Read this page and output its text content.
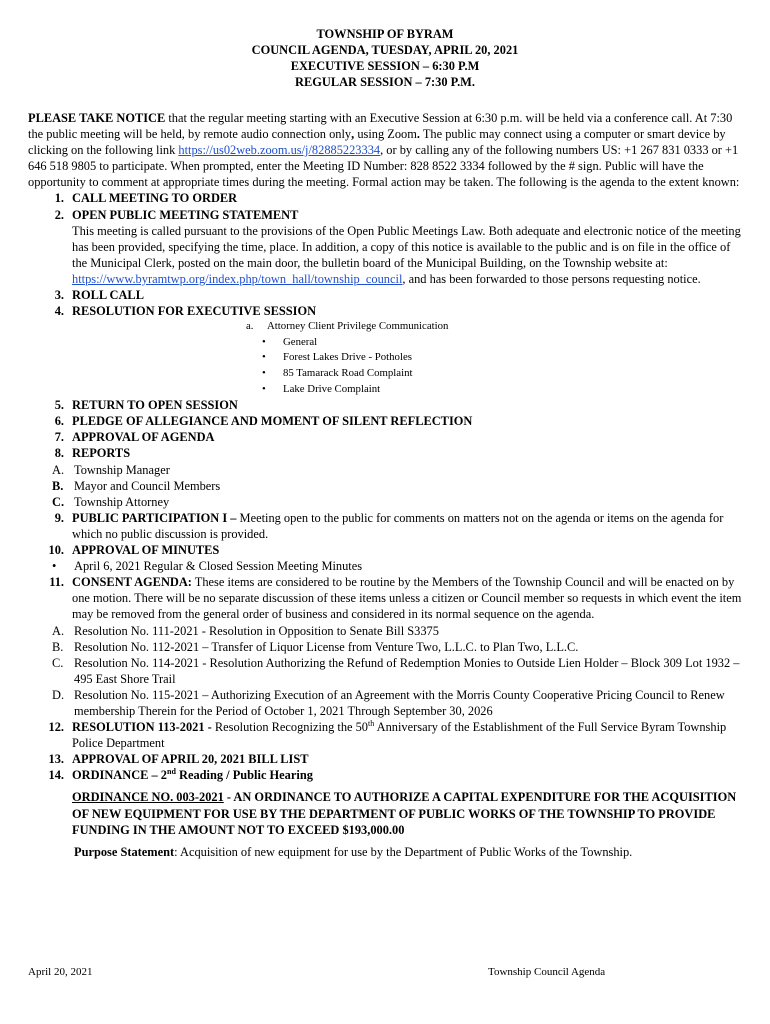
TOWNSHIP OF BYRAM
COUNCIL AGENDA, TUESDAY, APRIL 20, 2021
EXECUTIVE SESSION – 6:30 P.M
REGULAR SESSION – 7:30 P.M.
PLEASE TAKE NOTICE that the regular meeting starting with an Executive Session at 6:30 p.m. will be held via a conference call. At 7:30 the public meeting will be held, by remote audio connection only, using Zoom. The public may connect using a computer or smart device by clicking on the following link https://us02web.zoom.us/j/82885223334, or by calling any of the following numbers US: +1 267 831 0333 or +1 646 518 9805 to participate. When prompted, enter the Meeting ID Number: 828 8522 3334 followed by the # sign. Public will have the opportunity to comment at appropriate times during the meeting. Formal action may be taken. The following is the agenda to the extent known:
1. CALL MEETING TO ORDER
2. OPEN PUBLIC MEETING STATEMENT
This meeting is called pursuant to the provisions of the Open Public Meetings Law. Both adequate and electronic notice of the meeting has been provided, specifying the time, place. In addition, a copy of this notice is available to the public and is on file in the office of the Municipal Clerk, posted on the main door, the bulletin board of the Municipal Building, on the Township website at: https://www.byramtwp.org/index.php/town_hall/township_council, and has been forwarded to those persons requesting notice.
3. ROLL CALL
4. RESOLUTION FOR EXECUTIVE SESSION
a. Attorney Client Privilege Communication
• General
• Forest Lakes Drive - Potholes
• 85 Tamarack Road Complaint
• Lake Drive Complaint
5. RETURN TO OPEN SESSION
6. PLEDGE OF ALLEGIANCE AND MOMENT OF SILENT REFLECTION
7. APPROVAL OF AGENDA
8. REPORTS
A. Township Manager
B. Mayor and Council Members
C. Township Attorney
9. PUBLIC PARTICIPATION I – Meeting open to the public for comments on matters not on the agenda or items on the agenda for which no public discussion is provided.
10. APPROVAL OF MINUTES
• April 6, 2021 Regular & Closed Session Meeting Minutes
11. CONSENT AGENDA: These items are considered to be routine by the Members of the Township Council and will be enacted on by one motion. There will be no separate discussion of these items unless a citizen or Council member so requests in which event the item may be removed from the general order of business and considered in its normal sequence on the agenda.
A. Resolution No. 111-2021 - Resolution in Opposition to Senate Bill S3375
B. Resolution No. 112-2021 – Transfer of Liquor License from Venture Two, L.L.C. to Plan Two, L.L.C.
C. Resolution No. 114-2021 - Resolution Authorizing the Refund of Redemption Monies to Outside Lien Holder – Block 309 Lot 1932 – 495 East Shore Trail
D. Resolution No. 115-2021 – Authorizing Execution of an Agreement with the Morris County Cooperative Pricing Council to Renew membership Therein for the Period of October 1, 2021 Through September 30, 2026
12. RESOLUTION 113-2021 - Resolution Recognizing the 50th Anniversary of the Establishment of the Full Service Byram Township Police Department
13. APPROVAL OF APRIL 20, 2021 BILL LIST
14. ORDINANCE – 2nd Reading / Public Hearing
ORDINANCE NO. 003-2021 - AN ORDINANCE TO AUTHORIZE A CAPITAL EXPENDITURE FOR THE ACQUISITION OF NEW EQUIPMENT FOR USE BY THE DEPARTMENT OF PUBLIC WORKS OF THE TOWNSHIP TO PROVIDE FUNDING IN THE AMOUNT NOT TO EXCEED $193,000.00
Purpose Statement: Acquisition of new equipment for use by the Department of Public Works of the Township.
April 20, 2021	Township Council Agenda
